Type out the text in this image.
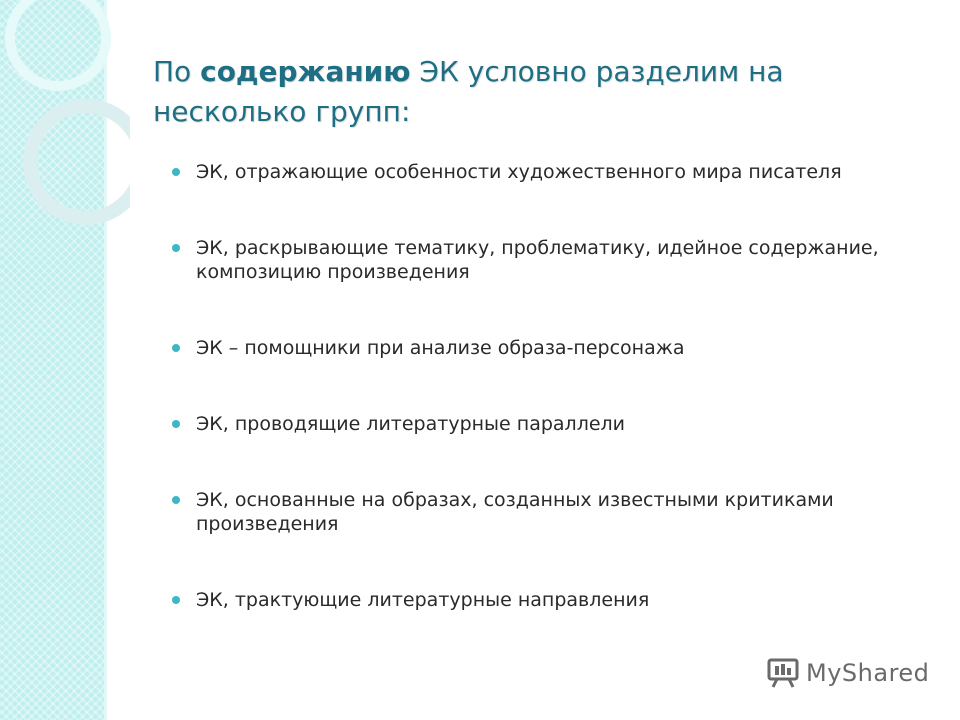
По содержанию ЭК условно разделим на несколько групп:
ЭК, отражающие особенности художественного мира писателя
ЭК, раскрывающие тематику, проблематику, идейное содержание, композицию произведения
ЭК – помощники при анализе образа-персонажа
ЭК, проводящие литературные параллели
ЭК, основанные на образах, созданных известными критиками произведения
ЭК, трактующие литературные направления
MyShared
